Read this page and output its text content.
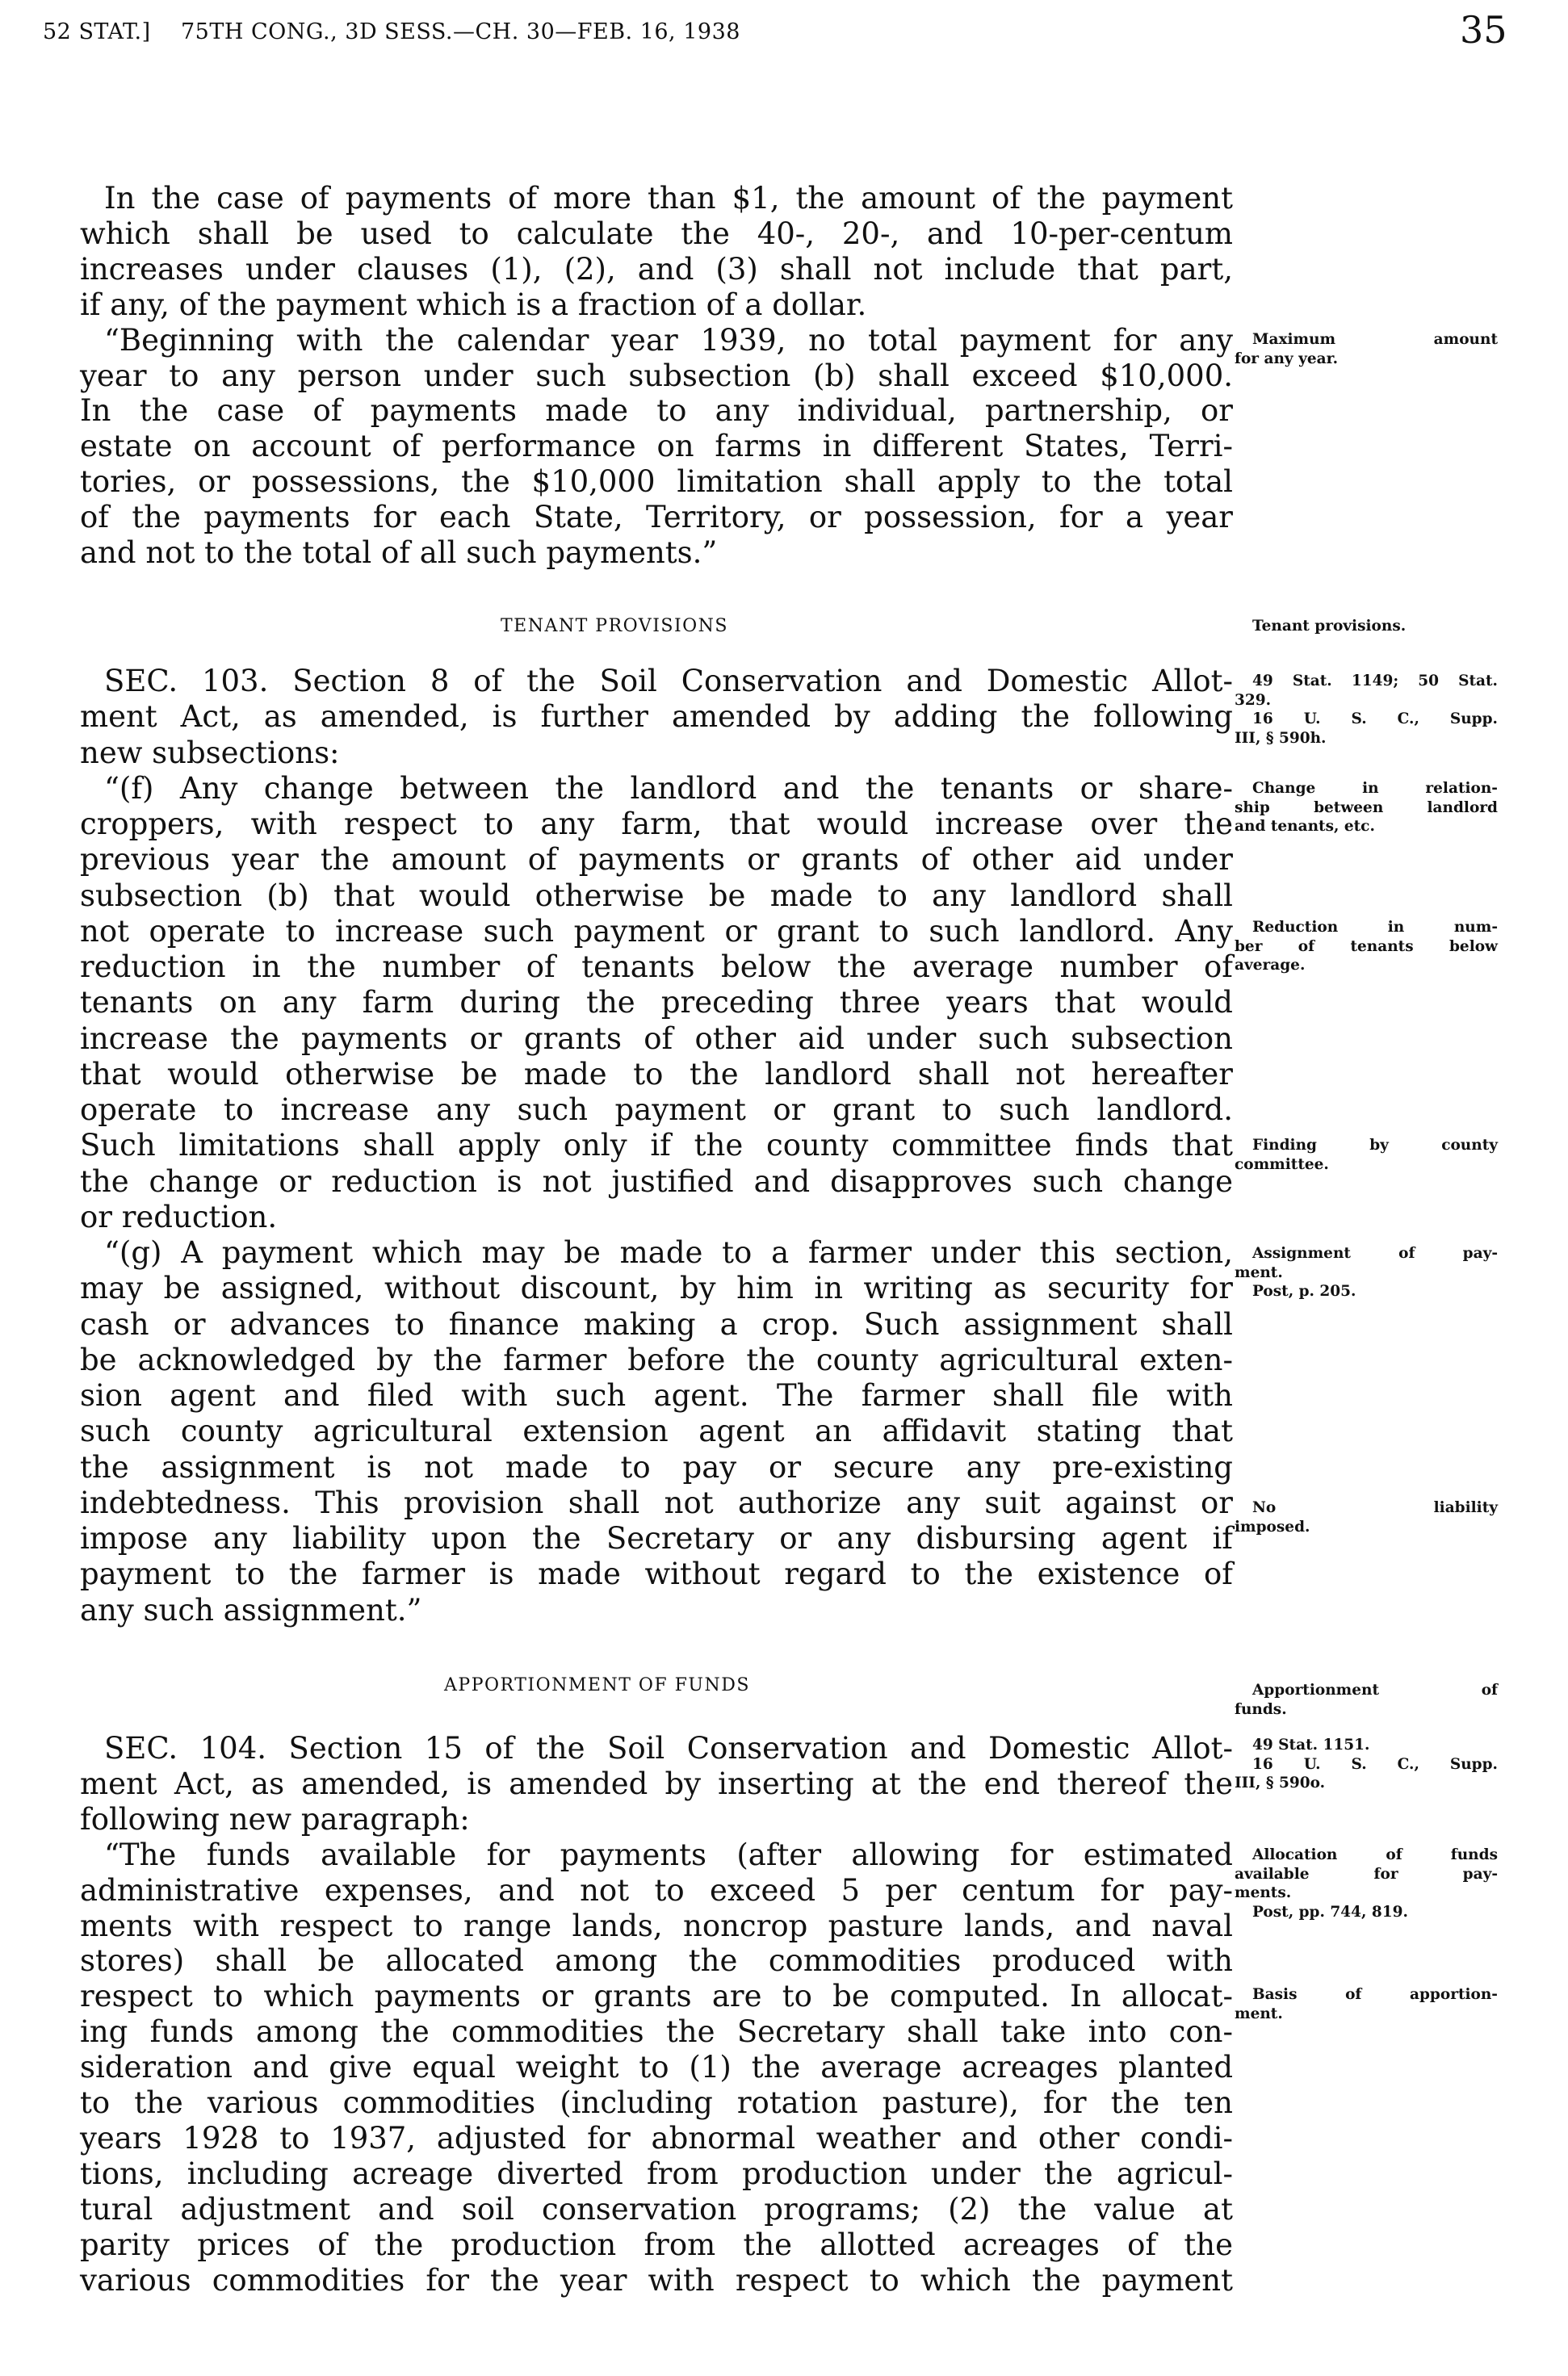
52 STAT.] 75TH CONG., 3D SESS.—CH. 30—FEB. 16, 1938	35
In the case of payments of more than $1, the amount of the payment
which shall be used to calculate the 40-, 20-, and 10-per-centum
increases under clauses (1), (2), and (3) shall not include that part,
if any, of the payment which is a fraction of a dollar.
“Beginning with the calendar year 1939, no total payment for any
year to any person under such subsection (b) shall exceed $10,000.
In the case of payments made to any individual, partnership, or
estate on account of performance on farms in different States, Terri-
tories, or possessions, the $10,000 limitation shall apply to the total
of the payments for each State, Territory, or possession, for a year
and not to the total of all such payments.”
TENANT PROVISIONS
SEC. 103. Section 8 of the Soil Conservation and Domestic Allot-
ment Act, as amended, is further amended by adding the following
new subsections:
“(f) Any change between the landlord and the tenants or share-
croppers, with respect to any farm, that would increase over the
previous year the amount of payments or grants of other aid under
subsection (b) that would otherwise be made to any landlord shall
not operate to increase such payment or grant to such landlord. Any
reduction in the number of tenants below the average number of
tenants on any farm during the preceding three years that would
increase the payments or grants of other aid under such subsection
that would otherwise be made to the landlord shall not hereafter
operate to increase any such payment or grant to such landlord.
Such limitations shall apply only if the county committee finds that
the change or reduction is not justified and disapproves such change
or reduction.
“(g) A payment which may be made to a farmer under this section,
may be assigned, without discount, by him in writing as security for
cash or advances to finance making a crop. Such assignment shall
be acknowledged by the farmer before the county agricultural exten-
sion agent and filed with such agent. The farmer shall file with
such county agricultural extension agent an affidavit stating that
the assignment is not made to pay or secure any pre-existing
indebtedness. This provision shall not authorize any suit against or
impose any liability upon the Secretary or any disbursing agent if
payment to the farmer is made without regard to the existence of
any such assignment.”
APPORTIONMENT OF FUNDS
SEC. 104. Section 15 of the Soil Conservation and Domestic Allot-
ment Act, as amended, is amended by inserting at the end thereof the
following new paragraph:
“The funds available for payments (after allowing for estimated
administrative expenses, and not to exceed 5 per centum for pay-
ments with respect to range lands, noncrop pasture lands, and naval
stores) shall be allocated among the commodities produced with
respect to which payments or grants are to be computed. In allocat-
ing funds among the commodities the Secretary shall take into con-
sideration and give equal weight to (1) the average acreages planted
to the various commodities (including rotation pasture), for the ten
years 1928 to 1937, adjusted for abnormal weather and other condi-
tions, including acreage diverted from production under the agricul-
tural adjustment and soil conservation programs; (2) the value at
parity prices of the production from the allotted acreages of the
various commodities for the year with respect to which the payment
Maximum amount
for any year.
Tenant provisions.
49 Stat. 1149; 50 Stat.
329.
16 U. S. C., Supp.
III, § 590h.
Change in relation-
ship between landlord
and tenants, etc.
Reduction in num-
ber of tenants below
average.
Finding by county
committee.
Assignment of pay-
ment.
Post, p. 205.
No liability
imposed.
Apportionment of
funds.
49 Stat. 1151.
16 U. S. C., Supp.
III, § 590o.
Allocation of funds
available for pay-
ments.
Post, pp. 744, 819.
Basis of apportion-
ment.
